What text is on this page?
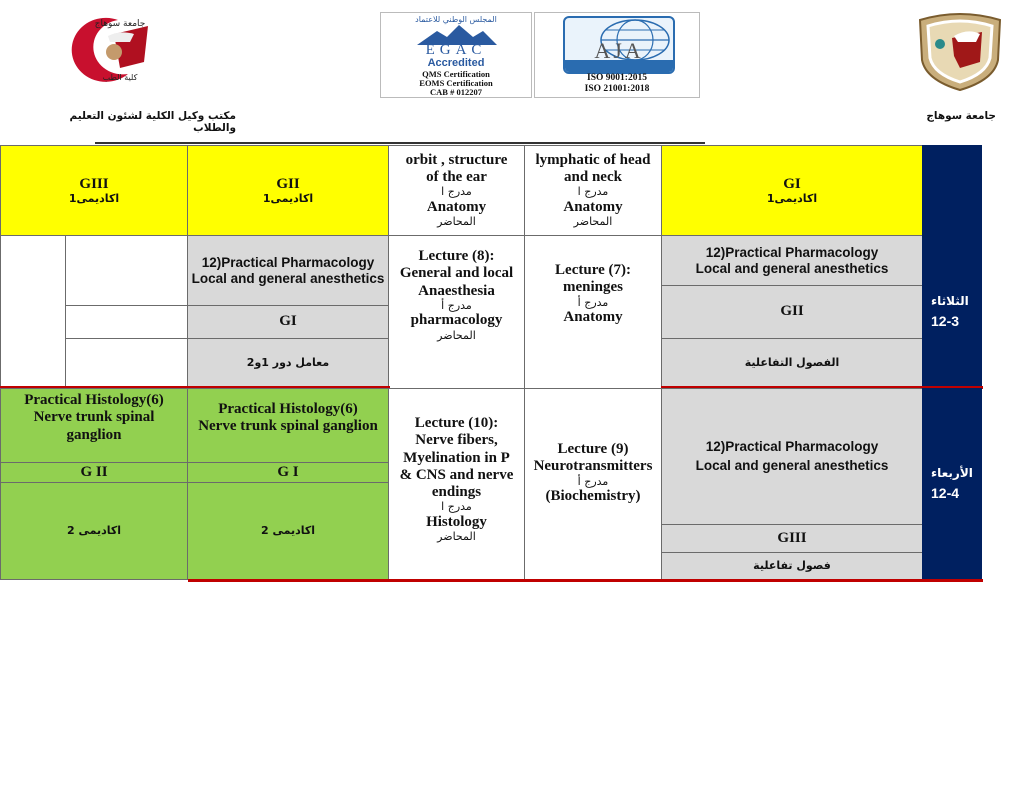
جامعة سوهاج
كلية الطب
المجلس الوطني للاعتماد
EGAC
Accredited
QMS Certification
EOMS Certification
CAB # 012207
AJA
ISO 9001:2015
ISO 21001:2018
مكتب وكيل الكلية لشئون التعليم والطلاب
جامعة سوهاج
GIII
اكاديمى1
GII
اكاديمى1
orbit , structure
of the ear
مدرج ا
Anatomy
المحاضر
lymphatic of head
and neck
مدرج ا
Anatomy
المحاضر
GI
اكاديمى1
12)Practical Pharmacology
Local and general anesthetics
GI
معامل دور 1و2
Lecture (8):
General and local
Anaesthesia
مدرج أ
pharmacology
المحاضر
Lecture (7):
meninges
مدرج أ
Anatomy
12)Practical Pharmacology
Local and general anesthetics
GII
الفصول التفاعلية
الثلاثاء
12-3
Practical Histology(6)
Nerve trunk spinal
ganglion
G II
اكاديمى 2
Practical Histology(6)
Nerve trunk spinal ganglion
G I
اكاديمى 2
Lecture (10):
Nerve fibers,
Myelination in P
& CNS and nerve
endings
مدرج ا
Histology
المحاضر
Lecture (9)
Neurotransmitters
مدرج أ
(Biochemistry)
12)Practical Pharmacology
Local and general anesthetics
GIII
فصول تفاعلية
الأربعاء
12-4
